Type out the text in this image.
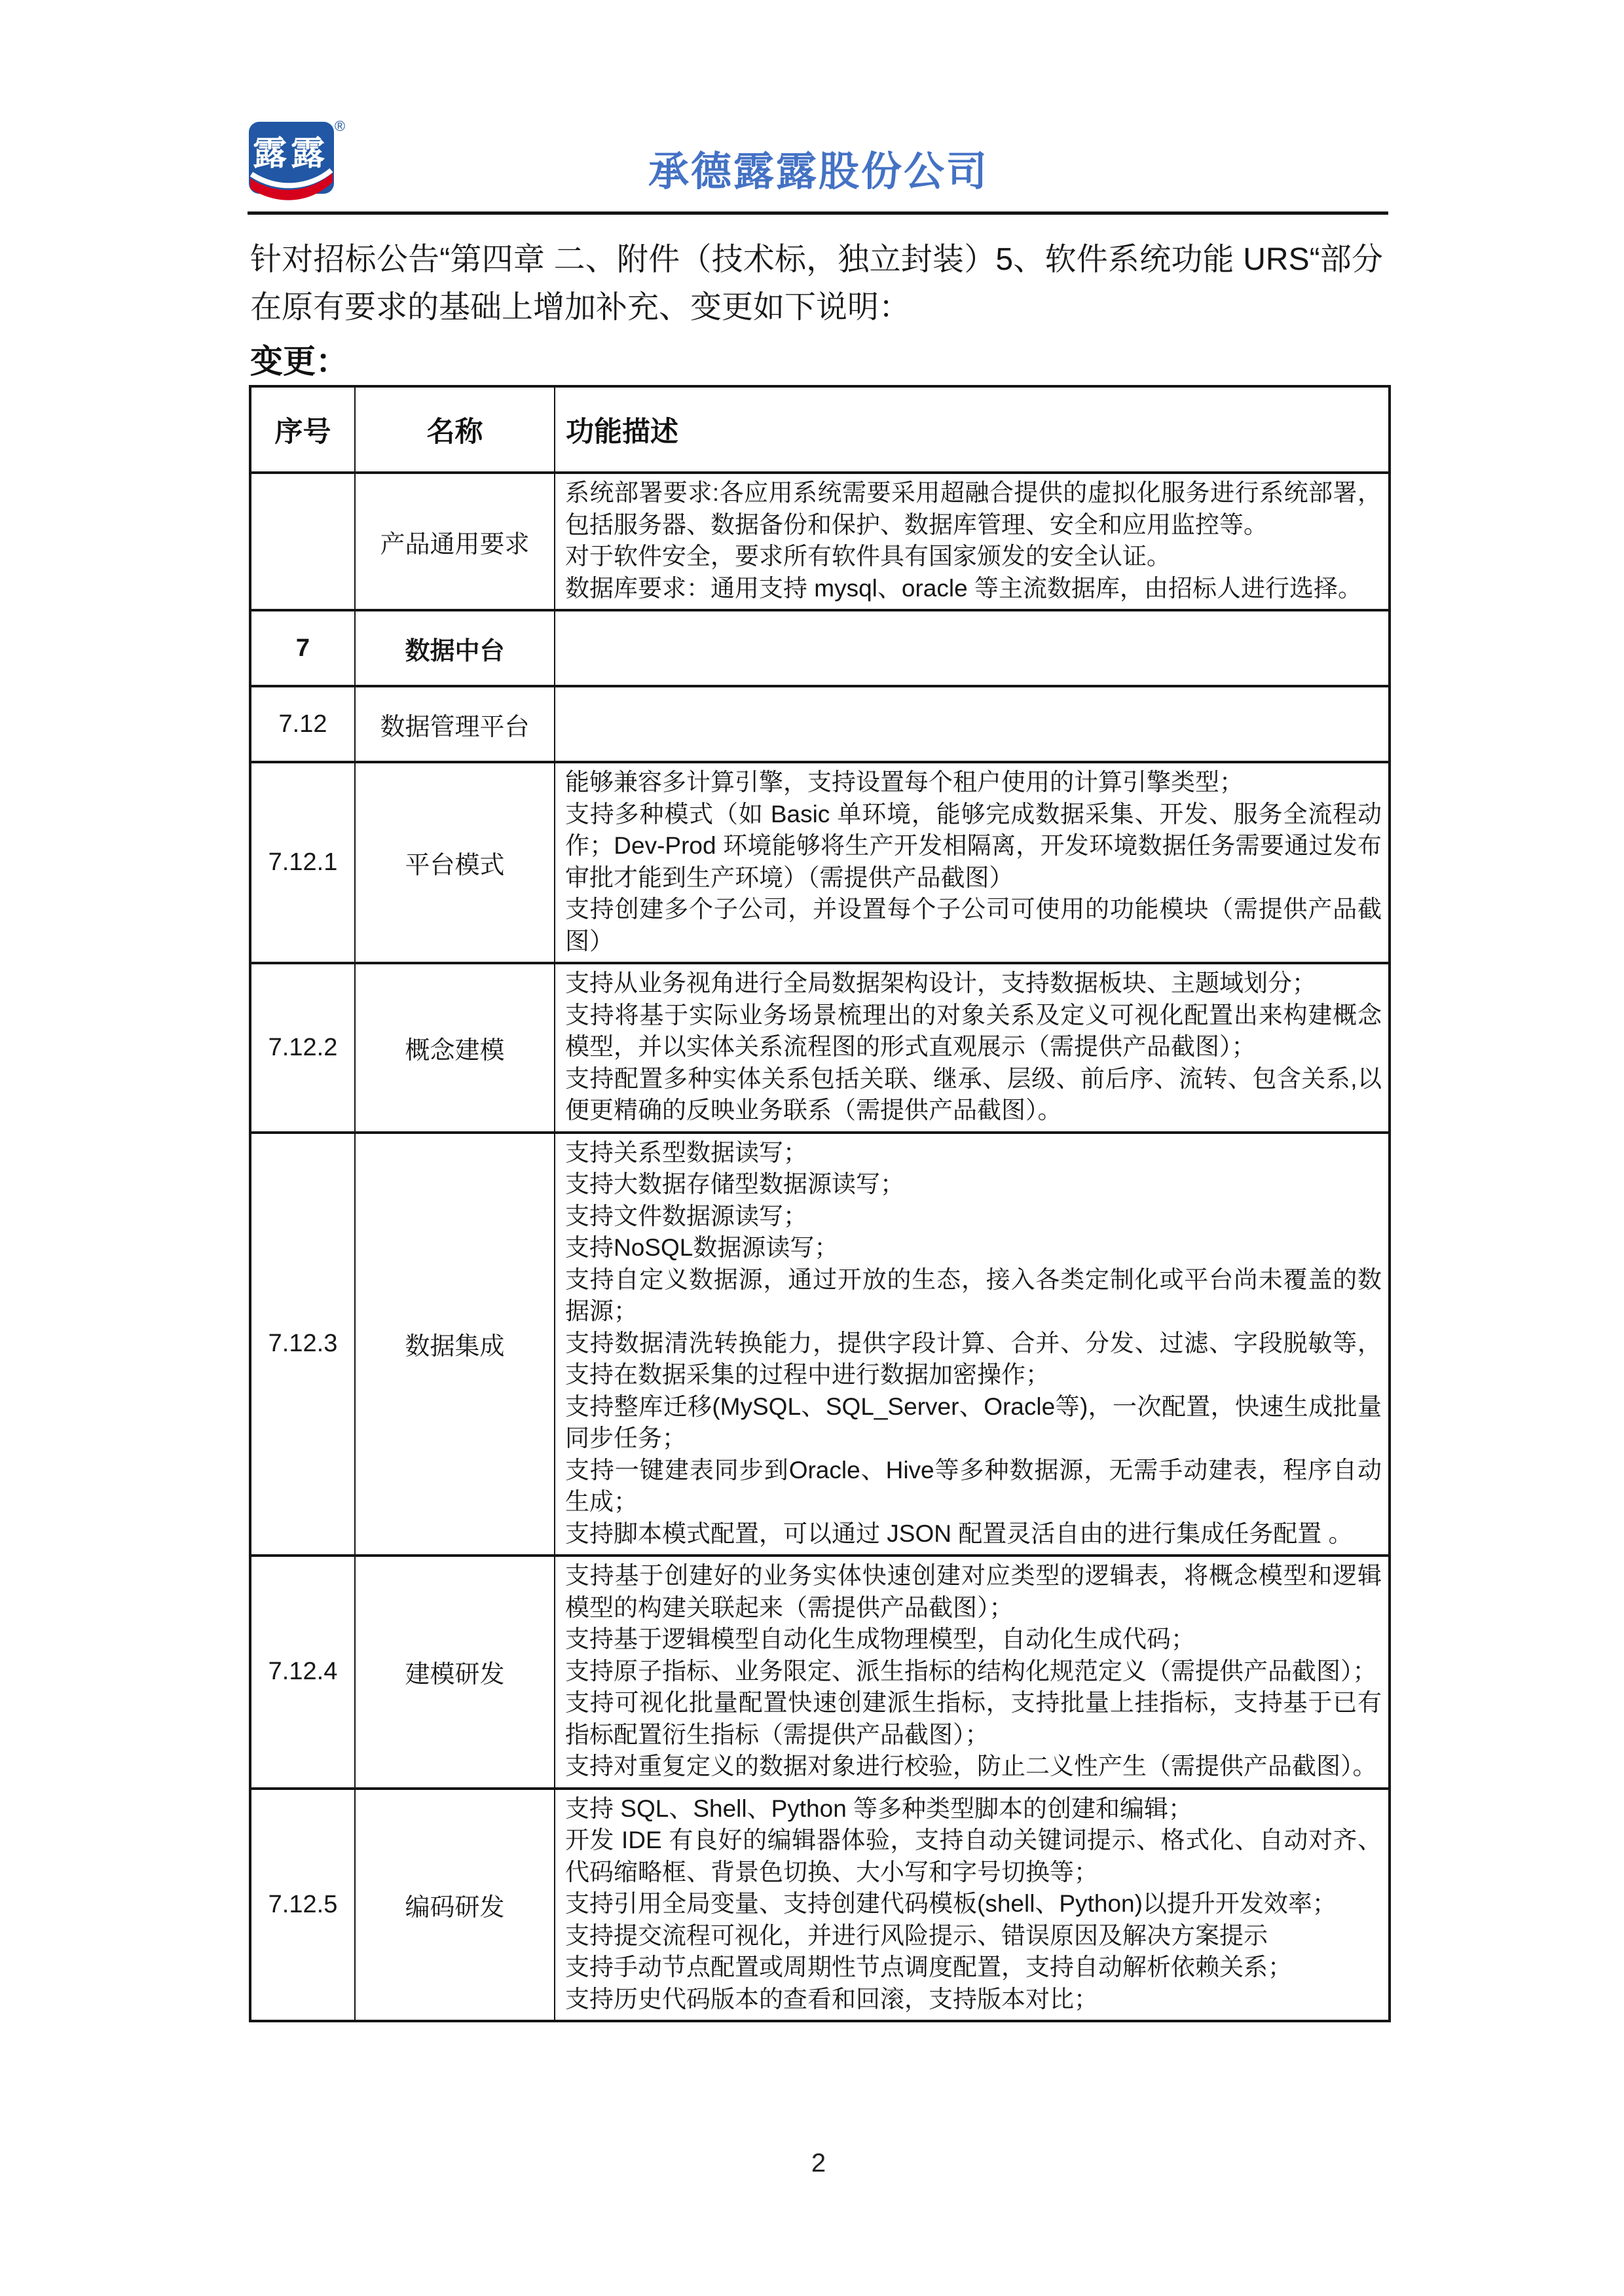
露露
®
承德露露股份公司

针对招标公告“第四章 二、附件（技术标，独立封装）5、软件系统功能 URS“部分在原有要求的基础上增加补充、变更如下说明：

变更：

序号	名称	功能描述
	产品通用要求	系统部署要求:各应用系统需要采用超融合提供的虚拟化服务进行系统部署，包括服务器、数据备份和保护、数据库管理、安全和应用监控等。
对于软件安全，要求所有软件具有国家颁发的安全认证。
数据库要求：通用支持 mysql、oracle 等主流数据库，由招标人进行选择。

7	数据中台	
7.12	数据管理平台	
7.12.1	平台模式	能够兼容多计算引擎，支持设置每个租户使用的计算引擎类型；
支持多种模式（如 Basic 单环境，能够完成数据采集、开发、服务全流程动作；Dev-Prod 环境能够将生产开发相隔离，开发环境数据任务需要通过发布审批才能到生产环境）（需提供产品截图）
支持创建多个子公司，并设置每个子公司可使用的功能模块（需提供产品截图）

7.12.2	概念建模	支持从业务视角进行全局数据架构设计，支持数据板块、主题域划分；
支持将基于实际业务场景梳理出的对象关系及定义可视化配置出来构建概念模型，并以实体关系流程图的形式直观展示（需提供产品截图）；
支持配置多种实体关系包括关联、继承、层级、前后序、流转、包含关系,以便更精确的反映业务联系（需提供产品截图）。

7.12.3	数据集成	
支持关系型数据读写；
支持大数据存储型数据源读写；
支持文件数据源读写；
支持NoSQL数据源读写；
支持自定义数据源，通过开放的生态，接入各类定制化或平台尚未覆盖的数据源；
支持数据清洗转换能力，提供字段计算、合并、分发、过滤、字段脱敏等，支持在数据采集的过程中进行数据加密操作；
支持整库迁移(MySQL、SQL_Server、Oracle等)，一次配置，快速生成批量同步任务；
支持一键建表同步到Oracle、Hive等多种数据源，无需手动建表，程序自动生成；
支持脚本模式配置，可以通过 JSON 配置灵活自由的进行集成任务配置 。

7.12.4	建模研发	支持基于创建好的业务实体快速创建对应类型的逻辑表，将概念模型和逻辑模型的构建关联起来（需提供产品截图）；
支持基于逻辑模型自动化生成物理模型，自动化生成代码；
支持原子指标、业务限定、派生指标的结构化规范定义（需提供产品截图）；
支持可视化批量配置快速创建派生指标，支持批量上挂指标，支持基于已有指标配置衍生指标（需提供产品截图）；
支持对重复定义的数据对象进行校验，防止二义性产生（需提供产品截图）。

7.12.5	编码研发	
支持 SQL、Shell、Python 等多种类型脚本的创建和编辑；
开发 IDE 有良好的编辑器体验，支持自动关键词提示、格式化、自动对齐、代码缩略框、背景色切换、大小写和字号切换等；
支持引用全局变量、支持创建代码模板(shell、Python)以提升开发效率；
支持提交流程可视化，并进行风险提示、错误原因及解决方案提示
支持手动节点配置或周期性节点调度配置，支持自动解析依赖关系；
支持历史代码版本的查看和回滚，支持版本对比；
2
